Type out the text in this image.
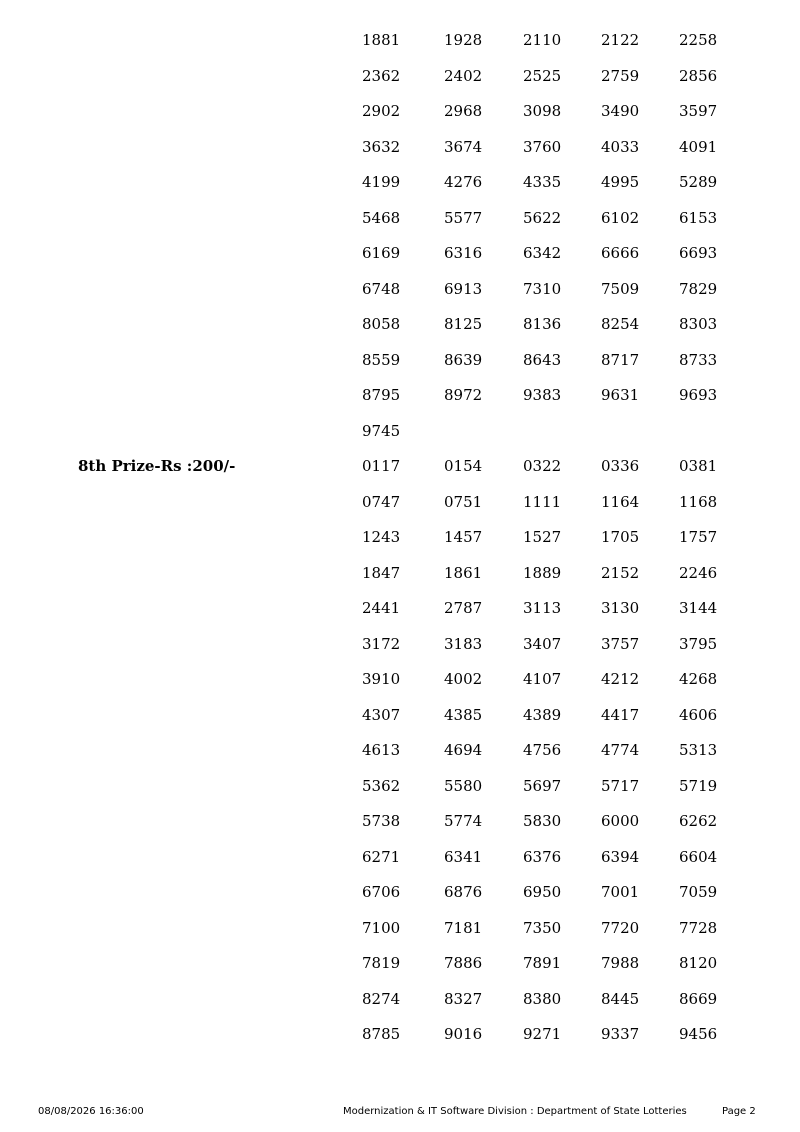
1881	1928	2110	2122	2258
2362	2402	2525	2759	2856
2902	2968	3098	3490	3597
3632	3674	3760	4033	4091
4199	4276	4335	4995	5289
5468	5577	5622	6102	6153
6169	6316	6342	6666	6693
6748	6913	7310	7509	7829
8058	8125	8136	8254	8303
8559	8639	8643	8717	8733
8795	8972	9383	9631	9693
9745
8th Prize-Rs :200/-	0117	0154	0322	0336	0381
0747	0751	1111	1164	1168
1243	1457	1527	1705	1757
1847	1861	1889	2152	2246
2441	2787	3113	3130	3144
3172	3183	3407	3757	3795
3910	4002	4107	4212	4268
4307	4385	4389	4417	4606
4613	4694	4756	4774	5313
5362	5580	5697	5717	5719
5738	5774	5830	6000	6262
6271	6341	6376	6394	6604
6706	6876	6950	7001	7059
7100	7181	7350	7720	7728
7819	7886	7891	7988	8120
8274	8327	8380	8445	8669
8785	9016	9271	9337	9456
08/08/2026 16:36:00	Modernization & IT Software Division : Department of State Lotteries	Page 2
